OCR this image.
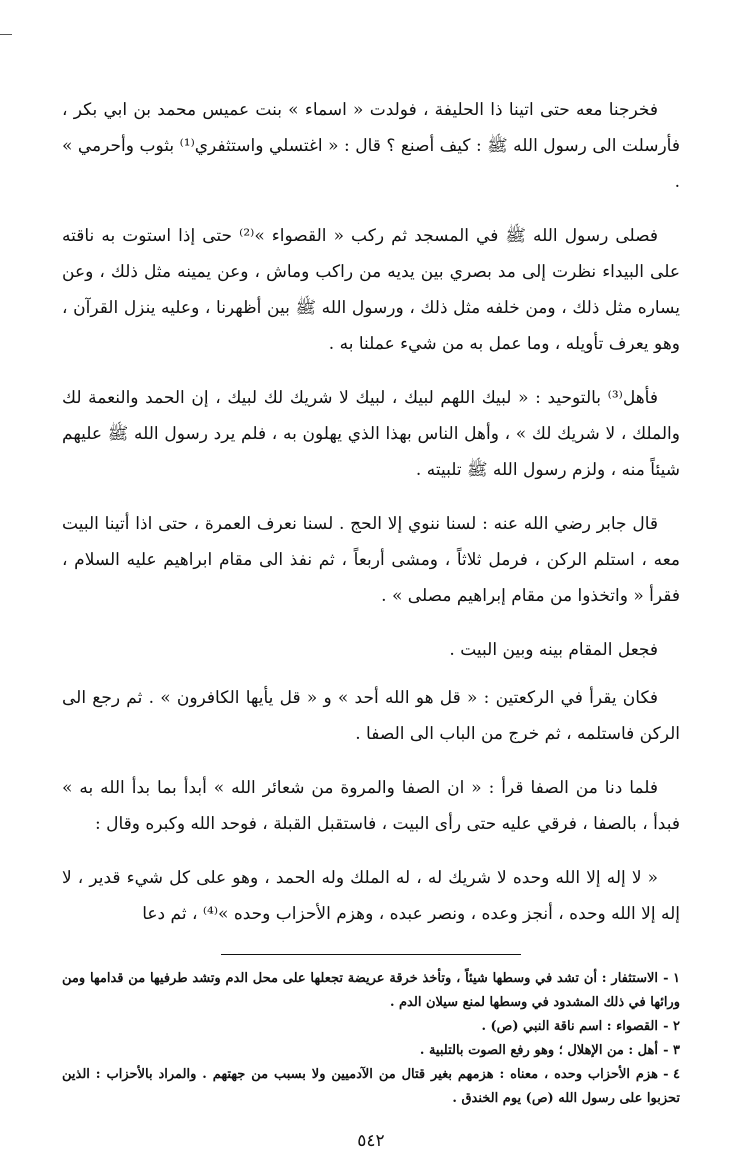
فخرجنا معه حتى اتينا ذا الحليفة ، فولدت « اسماء » بنت عميس محمد بن ابي بكر ، فأرسلت الى رسول الله ﷺ : كيف أصنع ؟ قال : « اغتسلي واستثفري⁽¹⁾ بثوب وأحرمي » .

فصلى رسول الله ﷺ في المسجد ثم ركب « القصواء »⁽²⁾ حتى إذا استوت به ناقته على البيداء نظرت إلى مد بصري بين يديه من راكب وماش ، وعن يمينه مثل ذلك ، وعن يساره مثل ذلك ، ومن خلفه مثل ذلك ، ورسول الله ﷺ بين أظهرنا ، وعليه ينزل القرآن ، وهو يعرف تأويله ، وما عمل به من شيء عملنا به .

فأهل⁽³⁾ بالتوحيد : « لبيك اللهم لبيك ، لبيك لا شريك لك لبيك ، إن الحمد والنعمة لك والملك ، لا شريك لك » ، وأهل الناس بهذا الذي يهلون به ، فلم يرد رسول الله ﷺ عليهم شيئاً منه ، ولزم رسول الله ﷺ تلبيته .

قال جابر رضي الله عنه : لسنا ننوي إلا الحج . لسنا نعرف العمرة ، حتى اذا أتينا البيت معه ، استلم الركن ، فرمل ثلاثاً ، ومشى أربعاً ، ثم نفذ الى مقام ابراهيم عليه السلام ، فقرأ « واتخذوا من مقام إبراهيم مصلى » .

فجعل المقام بينه وبين البيت .

فكان يقرأ في الركعتين : « قل هو الله أحد » و « قل يأيها الكافرون » . ثم رجع الى الركن فاستلمه ، ثم خرج من الباب الى الصفا .

فلما دنا من الصفا قرأ : « ان الصفا والمروة من شعائر الله » أبدأ بما بدأ الله به » فبدأ ، بالصفا ، فرقي عليه حتى رأى البيت ، فاستقبل القبلة ، فوحد الله وكبره وقال :

« لا إله إلا الله وحده لا شريك له ، له الملك وله الحمد ، وهو على كل شيء قدير ، لا إله إلا الله وحده ، أنجز وعده ، ونصر عبده ، وهزم الأحزاب وحده »⁽⁴⁾ ، ثم دعا

١ -الاستثفار : أن تشد في وسطها شيئاً ، وتأخذ خرقة عريضة تجعلها على محل الدم وتشد طرفيها من قدامها ومن ورائها في ذلك المشدود في وسطها لمنع سيلان الدم .

٢ -القصواء : اسم ناقة النبي (ص) .

٣ -أهل : من الإهلال ؛ وهو رفع الصوت بالتلبية .

٤ -هزم الأحزاب وحده ، معناه : هزمهم بغير قتال من الآدميين ولا بسبب من جهتهم . والمراد بالأحزاب : الذين تحزبوا على رسول الله (ص) يوم الخندق .

٥٤٢
